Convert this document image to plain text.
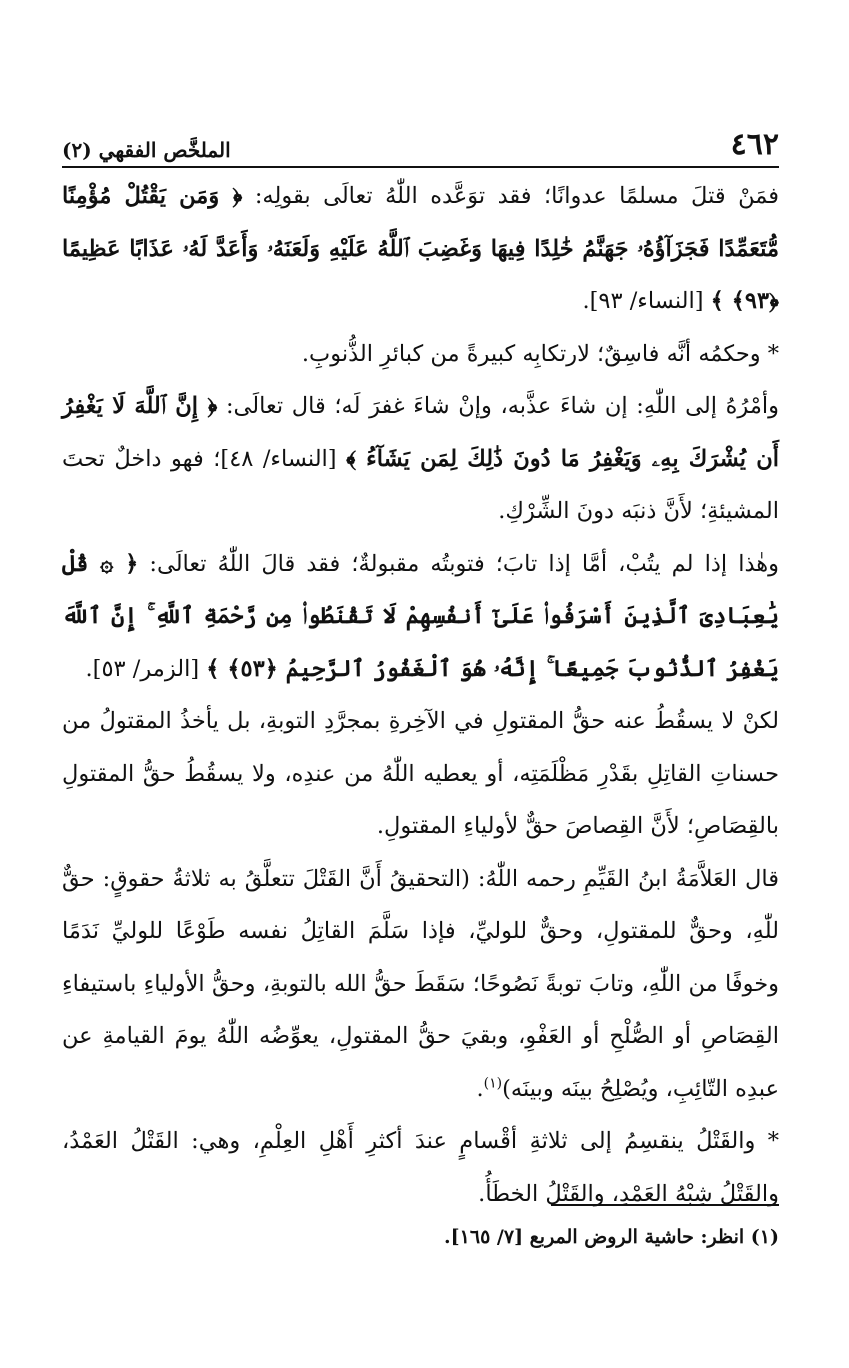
٤٦٢
الملخَّص الفقهي (٢)

فمَنْ قتلَ مسلمًا عدوانًا؛ فقد توَعَّده اللّٰهُ تعالَى بقولِه: ﴿ وَمَن يَقْتُلْ مُؤْمِنًا مُّتَعَمِّدًا فَجَزَآؤُهُۥ جَهَنَّمُ خَٰلِدًا فِيهَا وَغَضِبَ ٱللَّهُ عَلَيْهِ وَلَعَنَهُۥ وَأَعَدَّ لَهُۥ عَذَابًا عَظِيمًا ﴿٩٣﴾ ﴾ [النساء/ ٩٣].

* وحكمُه أنَّه فاسِقٌ؛ لارتكابِه كبيرةً من كبائرِ الذُّنوبِ.

وأمْرُهُ إلى اللّٰهِ: إن شاءَ عذَّبه، وإنْ شاءَ غفرَ لَه؛ قال تعالَى: ﴿ إِنَّ ٱللَّهَ لَا يَغْفِرُ أَن يُشْرَكَ بِهِۦ وَيَغْفِرُ مَا دُونَ ذَٰلِكَ لِمَن يَشَآءُ ﴾ [النساء/ ٤٨]؛ فهو داخلٌ تحتَ المشيئةِ؛ لأَنَّ ذنبَه دونَ الشِّرْكِ.

وهٰذا إذا لم يتُبْ، أمَّا إذا تابَ؛ فتوبتُه مقبولةٌ؛ فقد قالَ اللّٰهُ تعالَى: ﴿ ۞ قُلْ يَٰعِبَادِىَ ٱلَّذِينَ أَسْرَفُوا۟ عَلَىٰٓ أَنفُسِهِمْ لَا تَقْنَطُوا۟ مِن رَّحْمَةِ ٱللَّهِ ۚ إِنَّ ٱللَّهَ يَغْفِرُ ٱلذُّنُوبَ جَمِيعًا ۚ إِنَّهُۥ هُوَ ٱلْغَفُورُ ٱلرَّحِيمُ ﴿٥٣﴾ ﴾ [الزمر/ ٥٣].

لكنْ لا يسقُطُ عنه حقُّ المقتولِ في الآخِرةِ بمجرَّدِ التوبةِ، بل يأخذُ المقتولُ من حسناتِ القاتِلِ بقَدْرِ مَظْلَمَتِه، أو يعطيه اللّٰهُ من عندِه، ولا يسقُطُ حقُّ المقتولِ بالقِصَاصِ؛ لأَنَّ القِصاصَ حقٌّ لأولياءِ المقتولِ.

قال العَلاَّمَةُ ابنُ القَيِّمِ رحمه اللّٰهُ: (التحقيقُ أَنَّ القَتْلَ تتعلَّقُ به ثلاثةُ حقوقٍ: حقٌّ للّٰهِ، وحقٌّ للمقتولِ، وحقٌّ للوليِّ، فإذا سَلَّمَ القاتِلُ نفسه طَوْعًا للوليِّ نَدَمًا وخوفًا من اللّٰهِ، وتابَ توبةً نَصُوحًا؛ سَقَطَ حقُّ الله بالتوبةِ، وحقُّ الأولياءِ باستيفاءِ القِصَاصِ أو الصُّلْحِ أو العَفْوِ، وبقيَ حقُّ المقتولِ، يعوِّضُه اللّٰهُ يومَ القيامةِ عن عبدِه التّائِبِ، ويُصْلِحُ بينَه وبينَه)$^{(١)}$.

* والقَتْلُ ينقسِمُ إلى ثلاثةِ أقْسامٍ عندَ أكثرِ أَهْلِ العِلْمِ، وهي: القَتْلُ العَمْدُ، والقَتْلُ شِبْهُ العَمْدِ، والقَتْلُ الخطَأُ.

(١) انظر: حاشية الروض المربع [٧/ ١٦٥].
